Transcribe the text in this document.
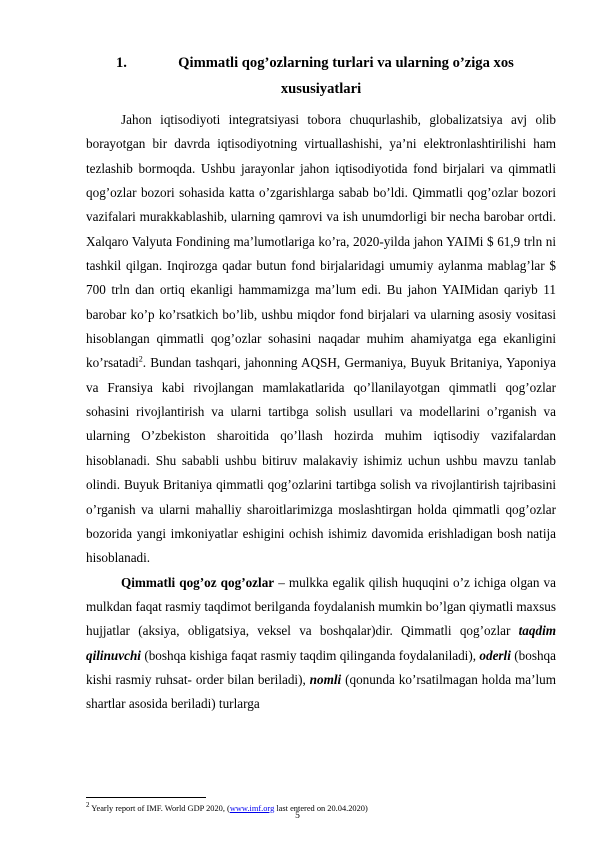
1.	Qimmatli qog’ozlarning turlari va ularning o’ziga xos
xususiyatlari

Jahon iqtisodiyoti integratsiyasi tobora chuqurlashib, globalizatsiya avj olib borayotgan bir davrda iqtisodiyotning virtuallashishi, ya’ni elektronlashtirilishi ham tezlashib bormoqda. Ushbu jarayonlar jahon iqtisodiyotida fond birjalari va qimmatli qog’ozlar bozori sohasida katta o’zgarishlarga sabab bo’ldi. Qimmatli qog’ozlar bozori vazifalari murakkablashib, ularning qamrovi va ish unumdorligi bir necha barobar ortdi. Xalqaro Valyuta Fondining ma’lumotlariga ko’ra, 2020-yilda jahon YAIMi $ 61,9 trln ni tashkil qilgan. Inqirozga qadar butun fond birjalaridagi umumiy aylanma mablag’lar $ 700 trln dan ortiq ekanligi hammamizga ma’lum edi. Bu jahon YAIMidan qariyb 11 barobar ko’p ko’rsatkich bo’lib, ushbu miqdor fond birjalari va ularning asosiy vositasi hisoblangan qimmatli qog’ozlar sohasini naqadar muhim ahamiyatga ega ekanligini ko’rsatadi$^2$. Bundan tashqari, jahonning AQSH, Germaniya, Buyuk Britaniya, Yaponiya va Fransiya kabi rivojlangan mamlakatlarida qo’llanilayotgan qimmatli qog’ozlar sohasini rivojlantirish va ularni tartibga solish usullari va modellarini o’rganish va ularning O’zbekiston sharoitida qo’llash hozirda muhim iqtisodiy vazifalardan hisoblanadi. Shu sababli ushbu bitiruv malakaviy ishimiz uchun ushbu mavzu tanlab olindi. Buyuk Britaniya qimmatli qog’ozlarini tartibga solish va rivojlantirish tajribasini o’rganish va ularni mahalliy sharoitlarimizga moslashtirgan holda qimmatli qog’ozlar bozorida yangi imkoniyatlar eshigini ochish ishimiz davomida erishladigan bosh natija hisoblanadi.

Qimmatli qog’oz qog’ozlar – mulkka egalik qilish huquqini o’z ichiga olgan va mulkdan faqat rasmiy taqdimot berilganda foydalanish mumkin bo’lgan qiymatli maxsus hujjatlar (aksiya, obligatsiya, veksel va boshqalar)dir. Qimmatli qog’ozlar taqdim qilinuvchi (boshqa kishiga faqat rasmiy taqdim qilinganda foydalaniladi), oderli (boshqa kishi rasmiy ruhsat- order bilan beriladi), nomli (qonunda ko’rsatilmagan holda ma’lum shartlar asosida beriladi) turlarga

$^2$ Yearly report of IMF. World GDP 2020, (www.imf.org last entered on 20.04.2020)
5
